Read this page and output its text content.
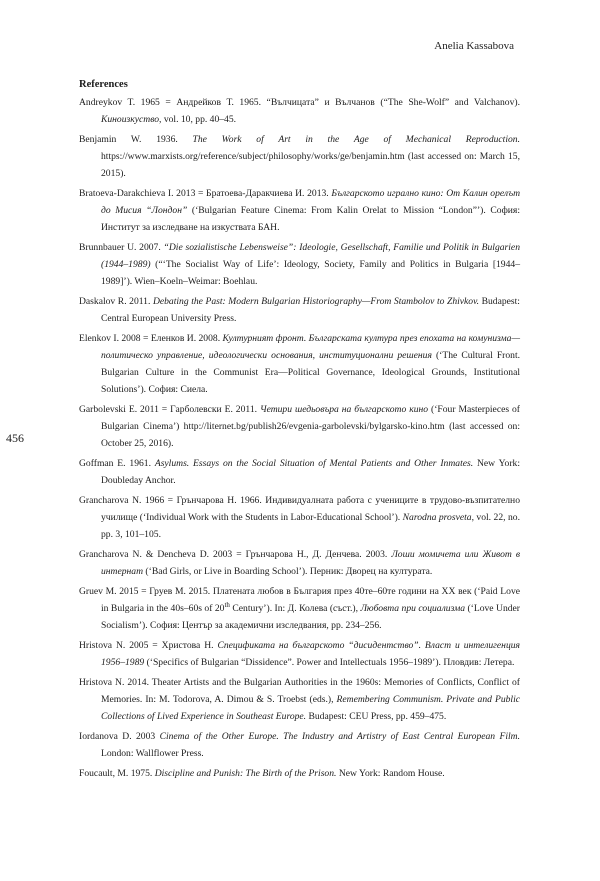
Anelia Kassabova
456
References

Andreykov T. 1965 = Андрейков Т. 1965. “Вълчицата” и Вълчанов (“The She-Wolf” and Valchanov). Киноизкуство, vol. 10, pp. 40–45.

Benjamin W. 1936. The Work of Art in the Age of Mechanical Reproduction. https://www.marxists.org/reference/subject/philosophy/works/ge/benjamin.htm (last accessed on: March 15, 2015).

Bratoeva-Darakchieva I. 2013 = Братоева-Даракчиева И. 2013. Българското игрално кино: От Калин орелът до Мисия “Лондон” (‘Bulgarian Feature Cinema: From Kalin Orelat to Mission “London”’). София: Институт за изследване на изкуствата БАН.

Brunnbauer U. 2007. “Die sozialistische Lebensweise”: Ideologie, Gesellschaft, Familie und Politik in Bulgarien (1944–1989) (“‘The Socialist Way of Life’: Ideology, Society, Family and Politics in Bulgaria [1944–1989]’). Wien–Koeln–Weimar: Boehlau.

Daskalov R. 2011. Debating the Past: Modern Bulgarian Historiography—From Stambolov to Zhivkov. Budapest: Central European University Press.

Elenkov I. 2008 = Еленков И. 2008. Културният фронт. Българската култура през епохата на комунизма—политическо управление, идеологически основания, институционални решения (‘The Cultural Front. Bulgarian Culture in the Communist Era—Political Governance, Ideological Grounds, Institutional Solutions’). София: Сиела.

Garbolevski E. 2011 = Гарболевски Е. 2011. Четири шедьовъра на българското кино (‘Four Masterpieces of Bulgarian Cinema’) http://liternet.bg/publish26/evgenia-garbolevski/bylgarsko-kino.htm (last accessed on: October 25, 2016).

Goffman E. 1961. Asylums. Essays on the Social Situation of Mental Patients and Other Inmates. New York: Doubleday Anchor.

Grancharova N. 1966 = Грънчарова Н. 1966. Индивидуалната работа с учениците в трудово-възпитателно училище (‘Individual Work with the Students in Labor-Educational School’). Narodna prosveta, vol. 22, no. pp. 3, 101–105.

Grancharova N. & Dencheva D. 2003 = Грънчарова Н., Д. Денчева. 2003. Лоши момичета или Живот в интернат (‘Bad Girls, or Live in Boarding School’). Перник: Дворец на културата.

Gruev M. 2015 = Груев М. 2015. Платената любов в България през 40те–60те години на XX век (‘Paid Love in Bulgaria in the 40s–60s of 20th Century’). In: Д. Колева (съст.), Любовта при социализма (‘Love Under Socialism’). София: Център за академични изследвания, pp. 234–256.

Hristova N. 2005 = Христова Н. Спецификата на българското “дисидентство”. Власт и интелигенция 1956–1989 (‘Specifics of Bulgarian “Dissidence”. Power and Intellectuals 1956–1989’). Пловдив: Летера.

Hristova N. 2014. Theater Artists and the Bulgarian Authorities in the 1960s: Memories of Conflicts, Conflict of Memories. In: M. Todorova, A. Dimou & S. Troebst (eds.), Remembering Communism. Private and Public Collections of Lived Experience in Southeast Europe. Budapest: CEU Press, pp. 459–475.

Iordanova D. 2003 Cinema of the Other Europe. The Industry and Artistry of East Central European Film. London: Wallflower Press.

Foucault, M. 1975. Discipline and Punish: The Birth of the Prison. New York: Random House.
